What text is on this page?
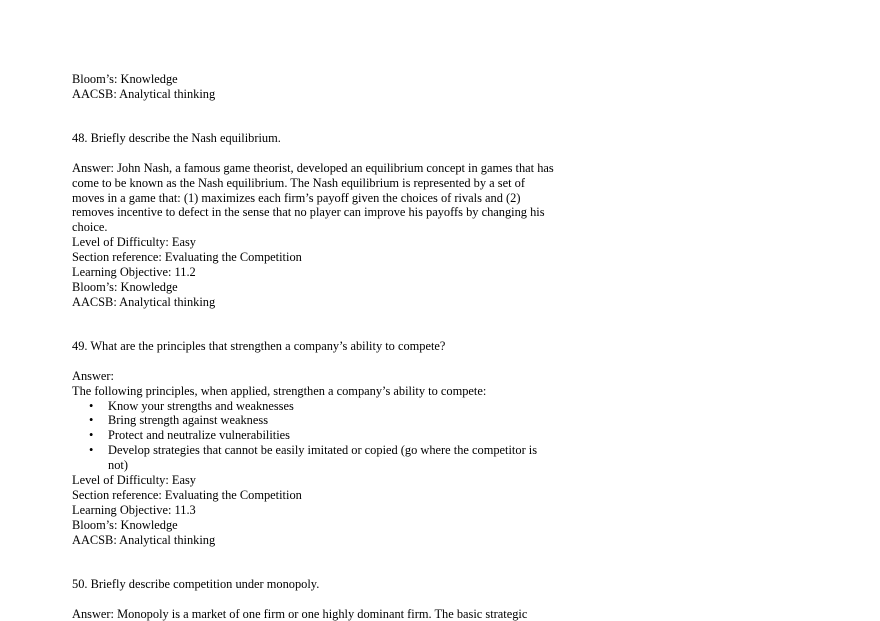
Bloom’s: Knowledge
AACSB: Analytical thinking
48. Briefly describe the Nash equilibrium.
Answer: John Nash, a famous game theorist, developed an equilibrium concept in games that has
come to be known as the Nash equilibrium. The Nash equilibrium is represented by a set of
moves in a game that: (1) maximizes each firm’s payoff given the choices of rivals and (2)
removes incentive to defect in the sense that no player can improve his payoffs by changing his
choice.
Level of Difficulty: Easy
Section reference: Evaluating the Competition
Learning Objective: 11.2
Bloom’s: Knowledge
AACSB: Analytical thinking
49. What are the principles that strengthen a company’s ability to compete?
Answer:
The following principles, when applied, strengthen a company’s ability to compete:
• Know your strengths and weaknesses
• Bring strength against weakness
• Protect and neutralize vulnerabilities
• Develop strategies that cannot be easily imitated or copied (go where the competitor is
not)
Level of Difficulty: Easy
Section reference: Evaluating the Competition
Learning Objective: 11.3
Bloom’s: Knowledge
AACSB: Analytical thinking
50. Briefly describe competition under monopoly.
Answer: Monopoly is a market of one firm or one highly dominant firm. The basic strategic
